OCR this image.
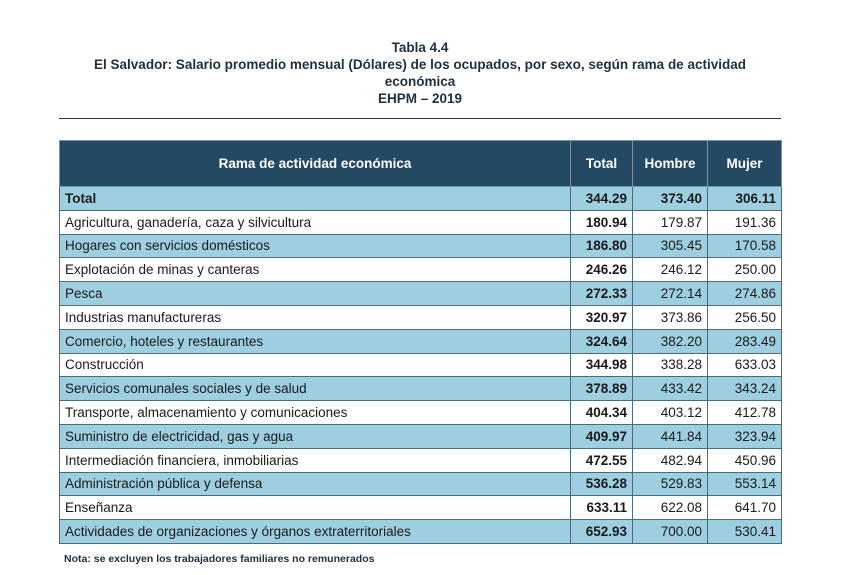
Tabla 4.4
El Salvador: Salario promedio mensual (Dólares) de los ocupados, por sexo, según rama de actividad
económica
EHPM – 2019
Rama de actividad económica	Total	Hombre	Mujer
Total	344.29	373.40	306.11
Agricultura, ganadería, caza y silvicultura	180.94	179.87	191.36
Hogares con servicios domésticos	186.80	305.45	170.58
Explotación de minas y canteras	246.26	246.12	250.00
Pesca	272.33	272.14	274.86
Industrias manufactureras	320.97	373.86	256.50
Comercio, hoteles y restaurantes	324.64	382.20	283.49
Construcción	344.98	338.28	633.03
Servicios comunales sociales y de salud	378.89	433.42	343.24
Transporte, almacenamiento y comunicaciones	404.34	403.12	412.78
Suministro de electricidad, gas y agua	409.97	441.84	323.94
Intermediación financiera, inmobiliarias	472.55	482.94	450.96
Administración pública y defensa	536.28	529.83	553.14
Enseñanza	633.11	622.08	641.70
Actividades de organizaciones y órganos extraterritoriales	652.93	700.00	530.41
Nota: se excluyen los trabajadores familiares no remunerados
